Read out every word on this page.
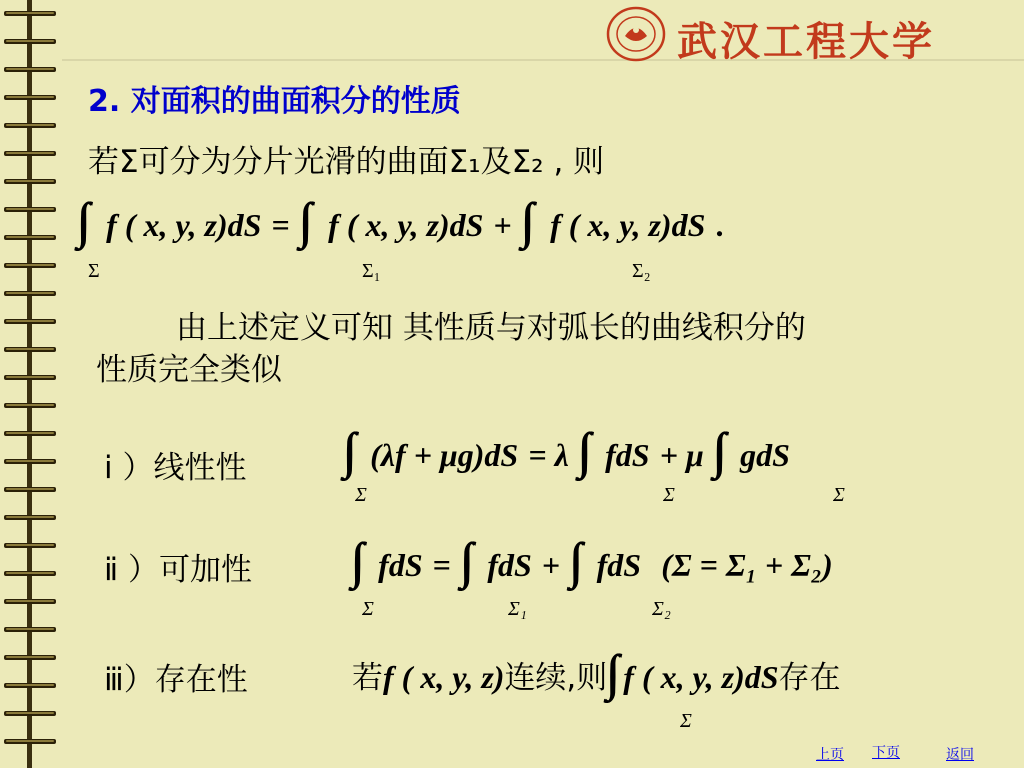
武汉工程大学
2. 对面积的曲面积分的性质
若Σ可分为分片光滑的曲面Σ₁及Σ₂ , 则
f ( x, y, z)dS = f ( x, y, z)dS + f ( x, y, z)dS .
Σ	Σ₁	Σ₂
由上述定义可知 其性质与对弧长的曲线积分的
性质完全类似
ⅰ ）线性性	(λf + μg)dS = λ fdS + μ gdS
Σ	Σ	Σ
ⅱ ）可加性	fdS = fdS + fdS (Σ = Σ₁ + Σ₂)
Σ	Σ₁	Σ₂
ⅲ）存在性	若f ( x, y, z)连续,则 f ( x, y, z)dS存在
Σ
上页 下页	返回
